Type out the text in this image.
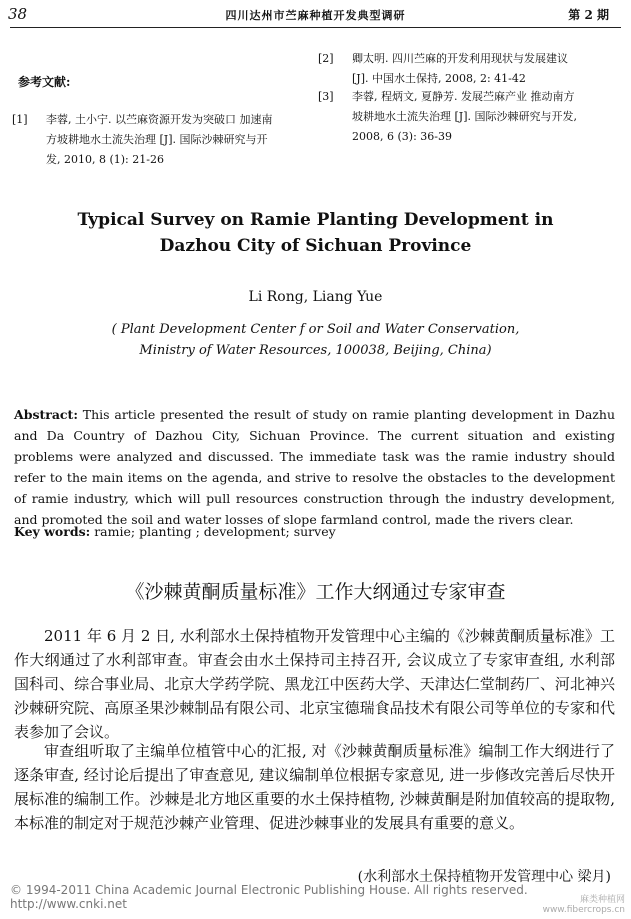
38	四川达州市苎麻种植开发典型调研	第 2 期
参考文献:
[1] 李蓉, 土小宁. 以苎麻资源开发为突破口 加速南
方坡耕地水土流失治理 [J]. 国际沙棘研究与开
发, 2010, 8 (1): 21-26
[2] 卿太明. 四川苎麻的开发利用现状与发展建议
[J]. 中国水土保持, 2008, 2: 41-42
[3] 李蓉, 程炳文, 夏静芳. 发展苎麻产业 推动南方
坡耕地水土流失治理 [J]. 国际沙棘研究与开发,
2008, 6 (3): 36-39
Typical Survey on Ramie Planting Development in
Dazhou City of Sichuan Province
Li Rong, Liang Yue
( Plant Development Center f or Soil and Water Conservation,
Ministry of Water Resources, 100038, Beijing, China)
Abstract: This article presented the result of study on ramie planting development in Dazhu and Da Country of Dazhou City, Sichuan Province. The current situation and existing problems were analyzed and discussed. The immediate task was the ramie industry should refer to the main items on the agenda, and strive to resolve the obstacles to the development of ramie industry, which will pull resources construction through the industry development, and promoted the soil and water losses of slope farmland control, made the rivers clear.
Key words: ramie; planting ; development; survey
《沙棘黄酮质量标准》工作大纲通过专家审查
2011 年 6 月 2 日, 水利部水土保持植物开发管理中心主编的《沙棘黄酮质量标准》工作大纲通过了水利部审查。审查会由水土保持司主持召开, 会议成立了专家审查组, 水利部国科司、综合事业局、北京大学药学院、黑龙江中医药大学、天津达仁堂制药厂、河北神兴沙棘研究院、高原圣果沙棘制品有限公司、北京宝德瑞食品技术有限公司等单位的专家和代表参加了会议。
审查组听取了主编单位植管中心的汇报, 对《沙棘黄酮质量标准》编制工作大纲进行了逐条审查, 经讨论后提出了审查意见, 建议编制单位根据专家意见, 进一步修改完善后尽快开展标准的编制工作。沙棘是北方地区重要的水土保持植物, 沙棘黄酮是附加值较高的提取物, 本标准的制定对于规范沙棘产业管理、促进沙棘事业的发展具有重要的意义。
(水利部水土保持植物开发管理中心 梁月)
© 1994-2011 China Academic Journal Electronic Publishing House. All rights reserved. http://www.cnki.net	麻类种植网
www.fibercrops.cn
